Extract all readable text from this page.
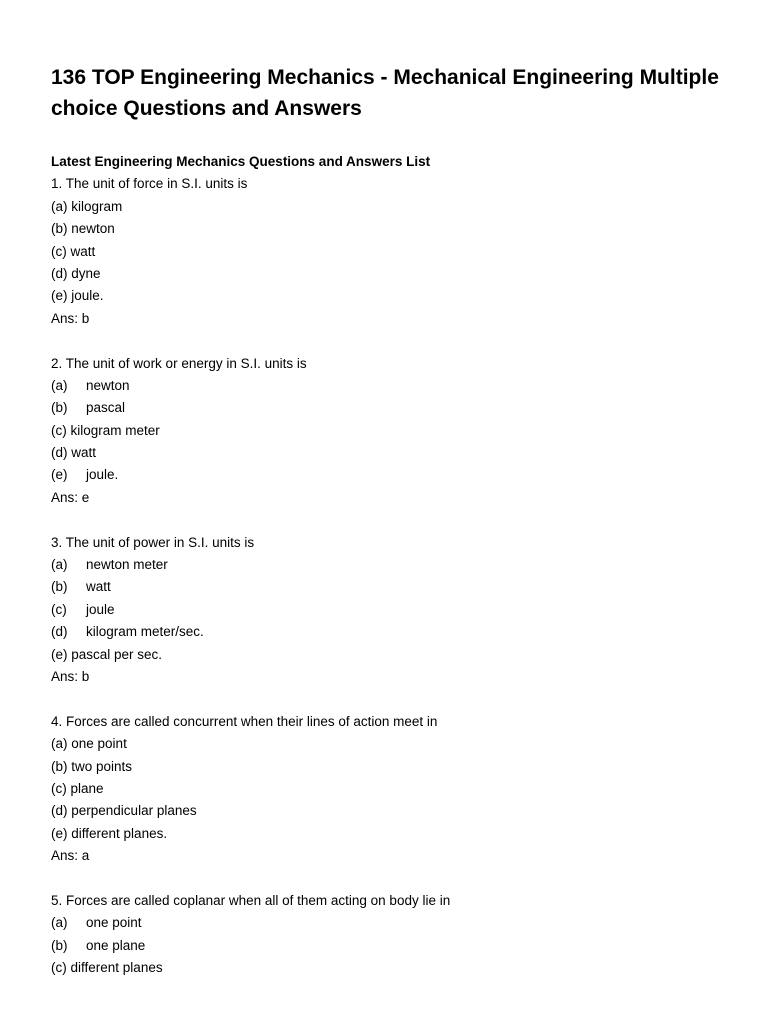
136 TOP Engineering Mechanics - Mechanical Engineering Multiple choice Questions and Answers
Latest Engineering Mechanics Questions and Answers List
1. The unit of force in S.I. units is
(a) kilogram
(b) newton
(c) watt
(d) dyne
(e) joule.
Ans: b
2. The unit of work or energy in S.I. units is
(a) newton
(b) pascal
(c) kilogram meter
(d) watt
(e) joule.
Ans: e
3. The unit of power in S.I. units is
(a) newton meter
(b) watt
(c) joule
(d) kilogram meter/sec.
(e) pascal per sec.
Ans: b
4. Forces are called concurrent when their lines of action meet in
(a) one point
(b) two points
(c) plane
(d) perpendicular planes
(e) different planes.
Ans: a
5. Forces are called coplanar when all of them acting on body lie in
(a) one point
(b) one plane
(c) different planes
